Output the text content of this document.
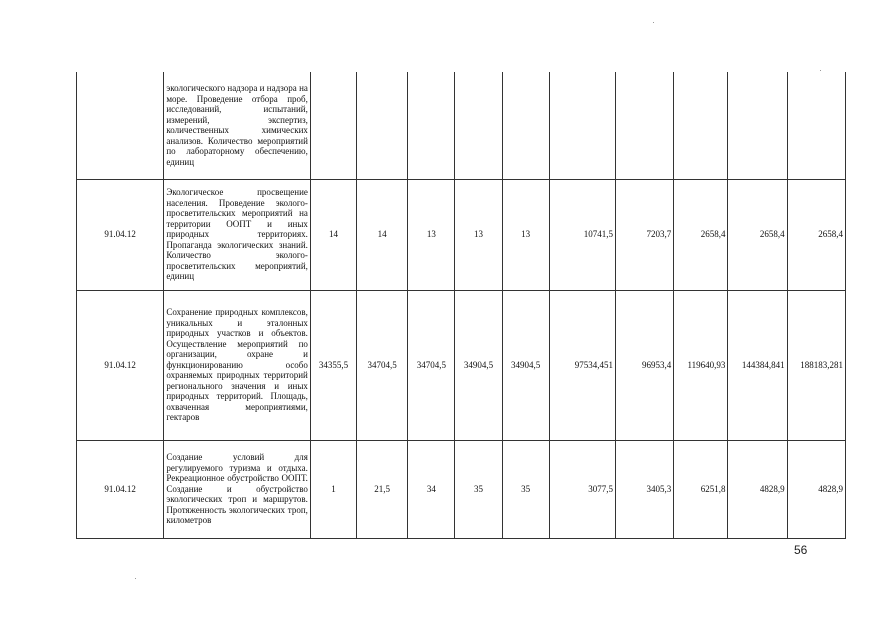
	экологического надзора и надзора на море. Проведение отбора проб, исследований, испытаний, измерений, экспертиз, количественных химических анализов. Количество мероприятий по лабораторному обеспечению, единиц										
91.04.12	Экологическое просвещение населения. Проведение эколого-просветительских мероприятий на территории ООПТ и иных природных территориях. Пропаганда экологических знаний. Количество эколого-просветительских мероприятий, единиц	14	14	13	13	13	10741,5	7203,7	2658,4	2658,4	2658,4
91.04.12	Сохранение природных комплексов, уникальных и эталонных природных участков и объектов. Осуществление мероприятий по организации, охране и функционированию особо охраняемых природных территорий регионального значения и иных природных территорий. Площадь, охваченная мероприятиями, гектаров	34355,5	34704,5	34704,5	34904,5	34904,5	97534,451	96953,4	119640,93	144384,841	188183,281
91.04.12	Создание условий для регулируемого туризма и отдыха. Рекреационное обустройство ООПТ. Создание и обустройство экологических троп и маршрутов. Протяженность экологических троп, километров	1	21,5	34	35	35	3077,5	3405,3	6251,8	4828,9	4828,9
56
